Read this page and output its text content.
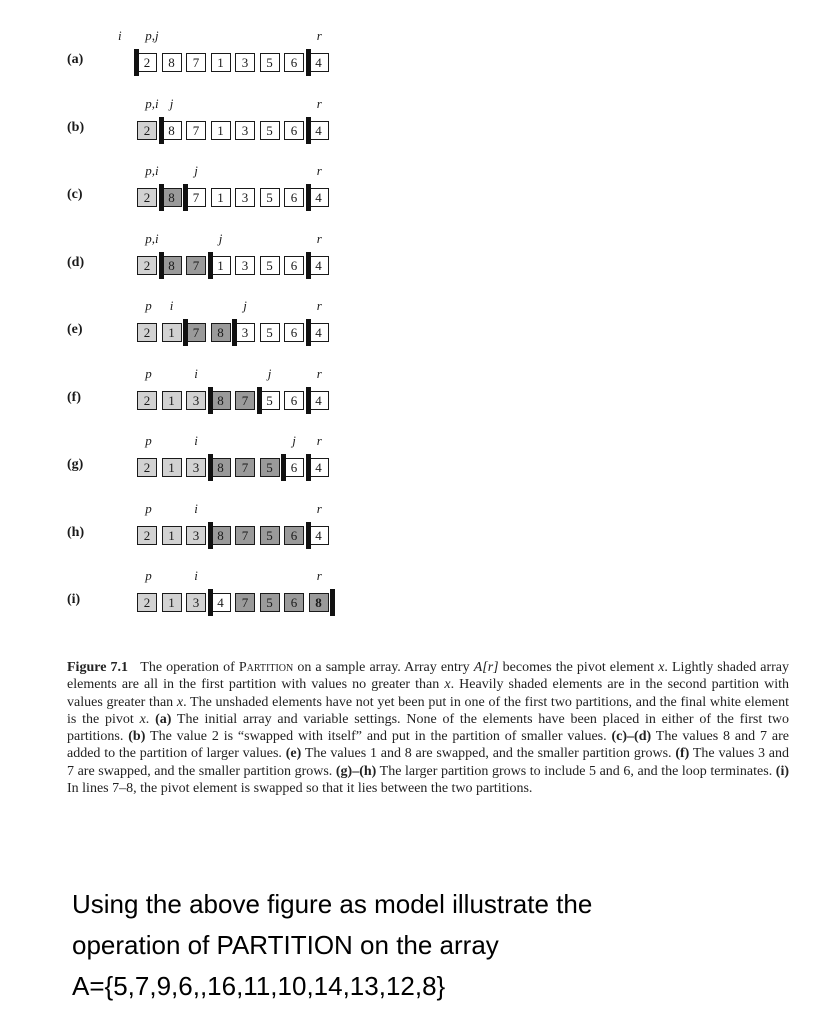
(a)
i p,j	r
2	8	7	1	3	5	6	4
(b)
p,i j	r
2	8	7	1	3	5	6	4
(c)
p,i	j	r
2	8	7	1	3	5	6	4
(d)
p,i	j	r
2	8	7	1	3	5	6	4
(e)
p i	j	r
2	1	7	8	3	5	6	4
(f)
p	i	j	r
2	1	3	8	7	5	6	4
(g)
p	i	j r
2	1	3	8	7	5	6	4
(h)
p	i	r
2	1	3	8	7	5	6	4
(i)
p	i	r
2	1	3	4	7	5	6	8
Figure 7.1 The operation of Partition on a sample array. Array entry A[r] becomes the pivot element x. Lightly shaded array elements are all in the first partition with values no greater than x. Heavily shaded elements are in the second partition with values greater than x. The unshaded elements have not yet been put in one of the first two partitions, and the final white element is the pivot x. (a) The initial array and variable settings. None of the elements have been placed in either of the first two partitions. (b) The value 2 is “swapped with itself” and put in the partition of smaller values. (c)–(d) The values 8 and 7 are added to the partition of larger values. (e) The values 1 and 8 are swapped, and the smaller partition grows. (f) The values 3 and 7 are swapped, and the smaller partition grows. (g)–(h) The larger partition grows to include 5 and 6, and the loop terminates. (i) In lines 7–8, the pivot element is swapped so that it lies between the two partitions.
Using the above figure as model illustrate the
operation of PARTITION on the array
A={5,7,9,6,,16,11,10,14,13,12,8}
